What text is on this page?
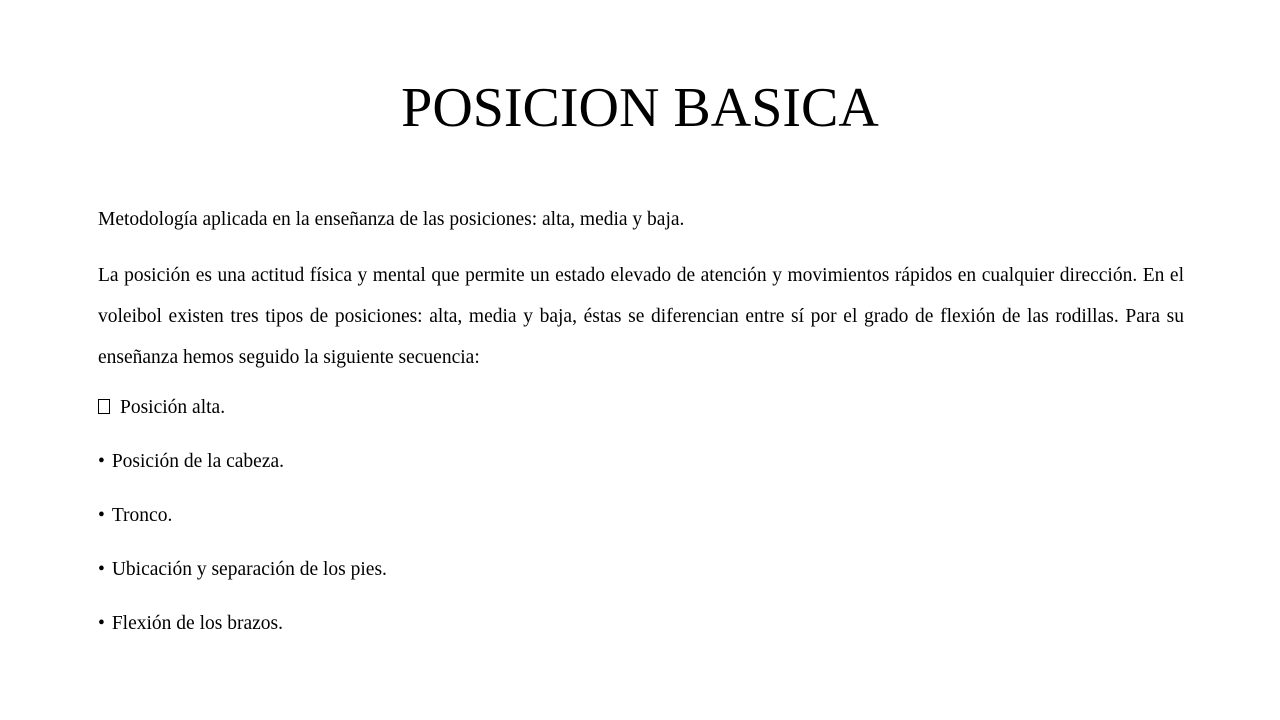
POSICION BASICA

Metodología aplicada en la enseñanza de las posiciones: alta, media y baja.

La posición es una actitud física y mental que permite un estado elevado de atención y movimientos rápidos en cualquier dirección. En el voleibol existen tres tipos de posiciones: alta, media y baja, éstas se diferencian entre sí por el grado de flexión de las rodillas. Para su enseñanza hemos seguido la siguiente secuencia:

Posición alta.

• Posición de la cabeza.

• Tronco.

• Ubicación y separación de los pies.

• Flexión de los brazos.
